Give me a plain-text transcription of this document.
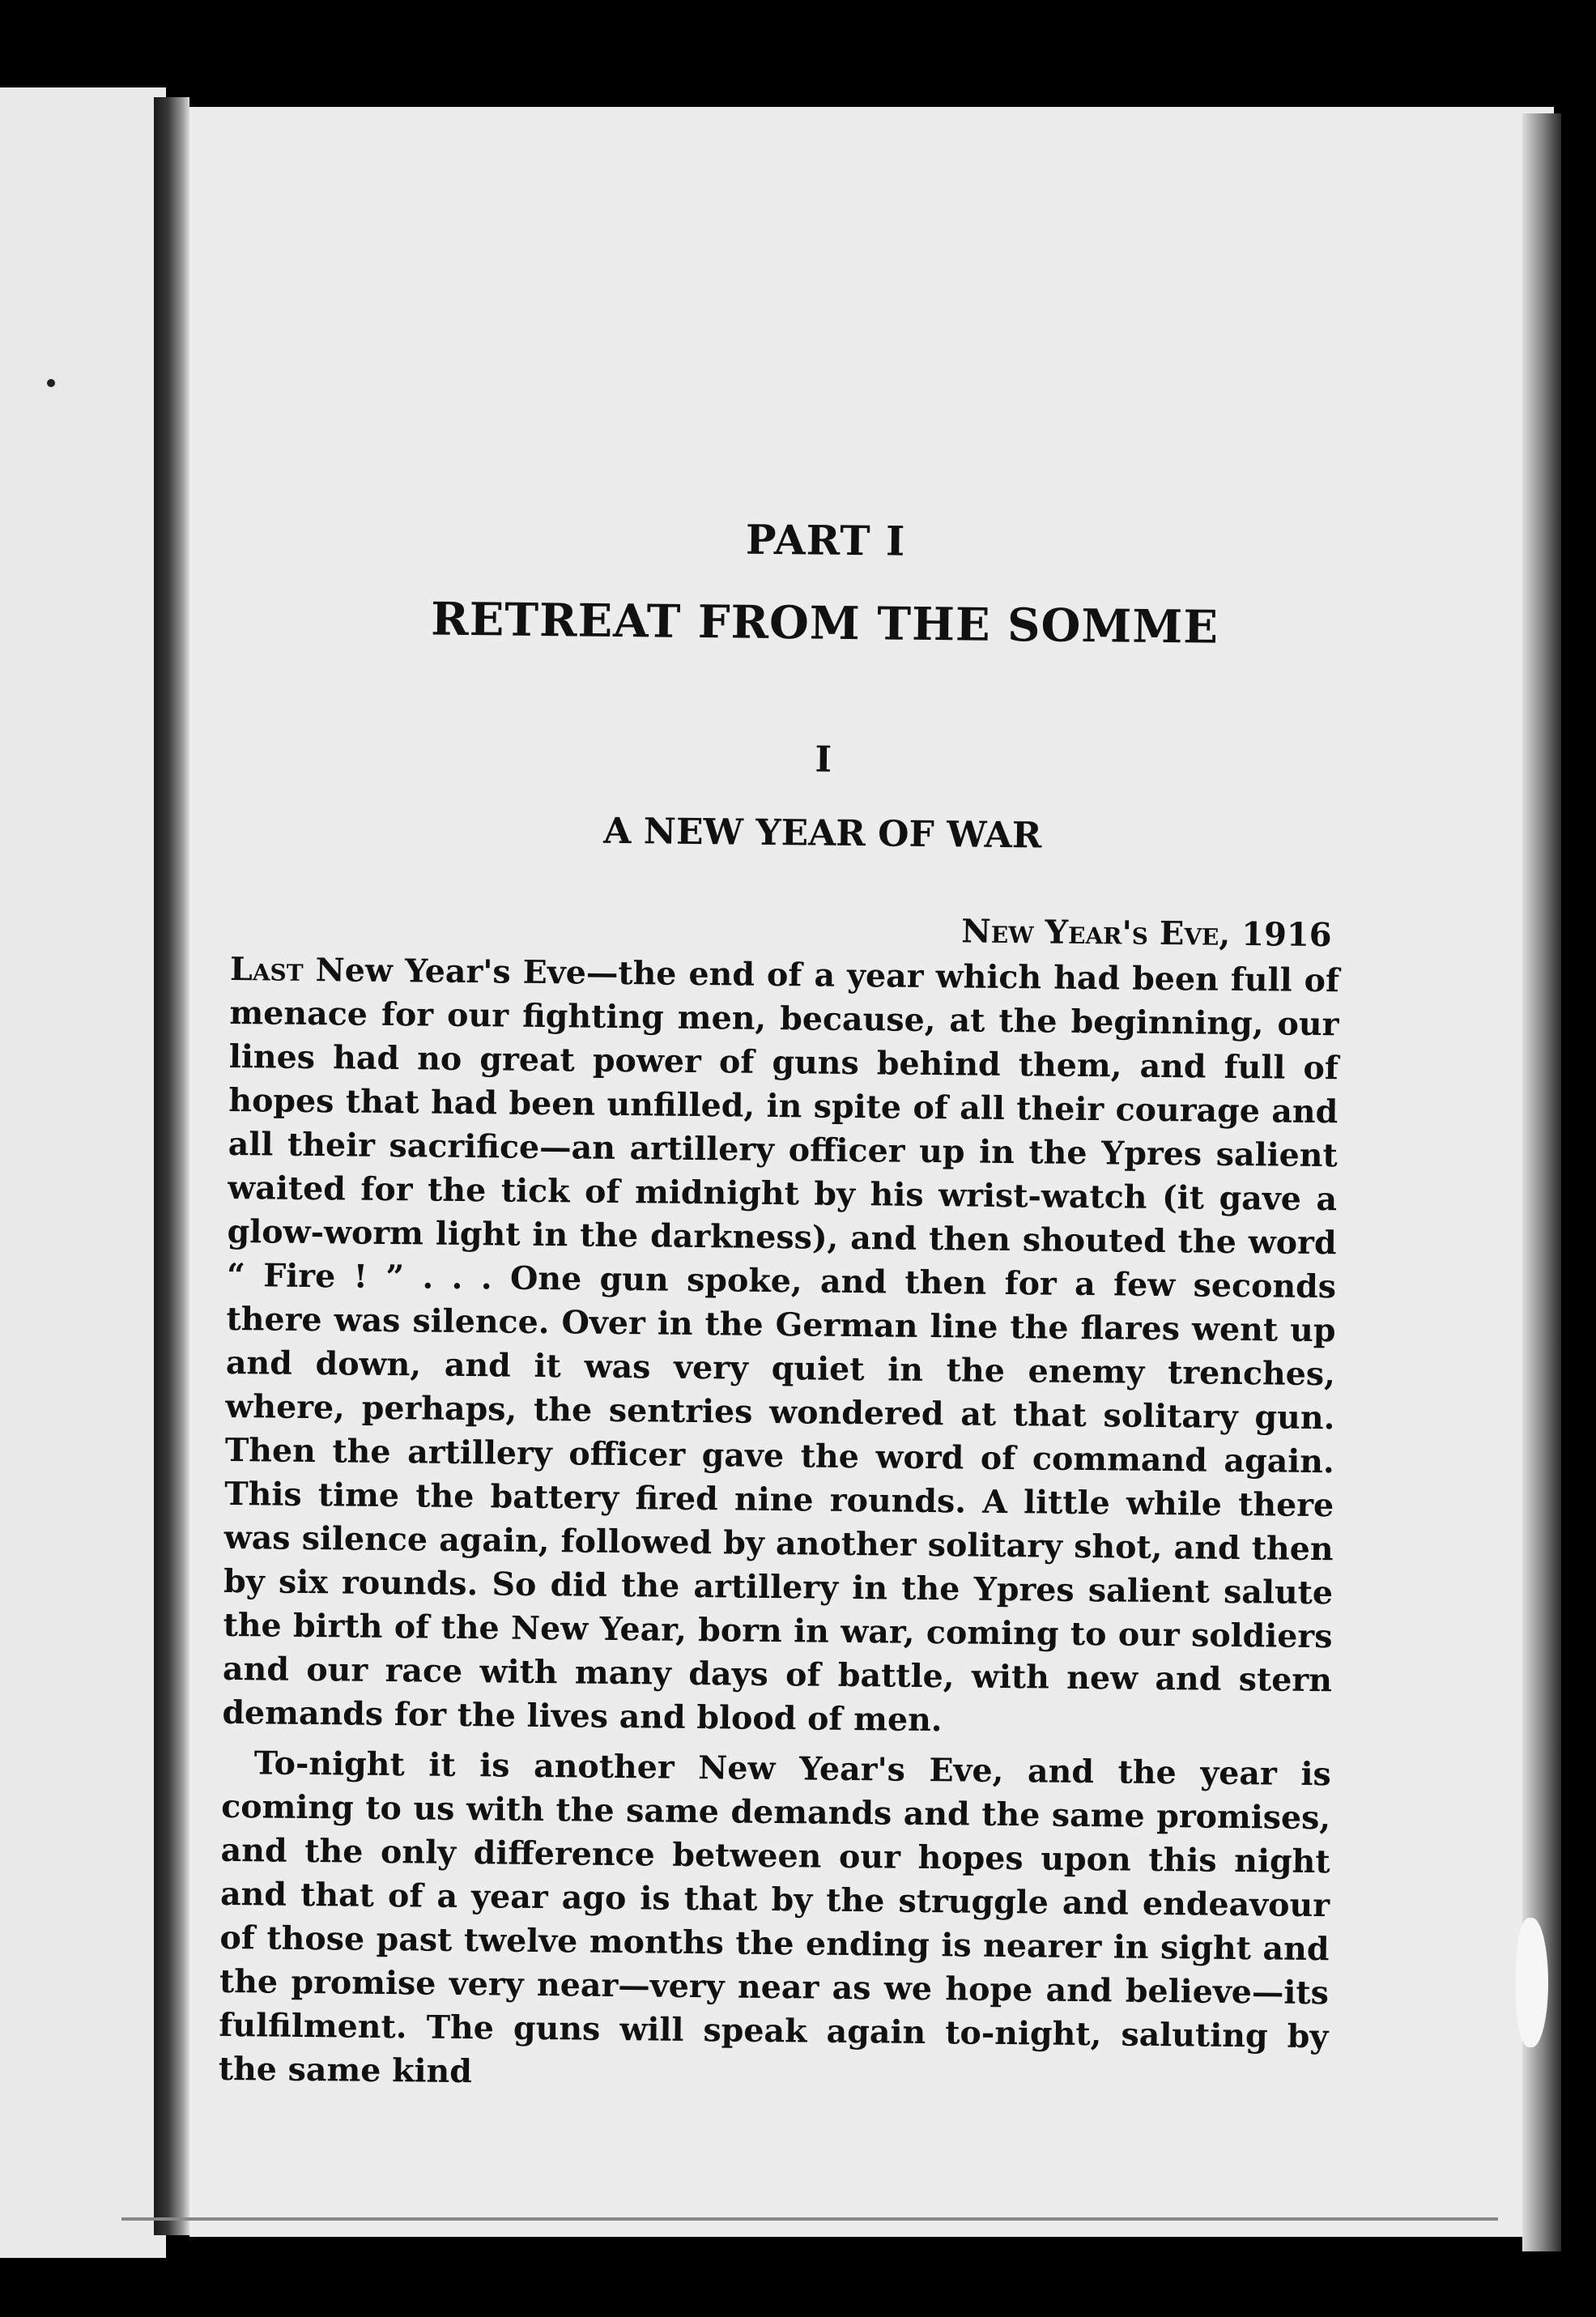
PART I
RETREAT FROM THE SOMME
I
A NEW YEAR OF WAR
New Year's Eve, 1916

Last New Year's Eve—the end of a year which had been full of menace for our fighting men, because, at the beginning, our lines had no great power of guns behind them, and full of hopes that had been unfilled, in spite of all their courage and all their sacrifice—an artillery officer up in the Ypres salient waited for the tick of midnight by his wrist-watch (it gave a glow-worm light in the darkness), and then shouted the word “ Fire ! ” . . . One gun spoke, and then for a few seconds there was silence. Over in the German line the flares went up and down, and it was very quiet in the enemy trenches, where, perhaps, the sentries wondered at that solitary gun. Then the artillery officer gave the word of command again. This time the battery fired nine rounds. A little while there was silence again, followed by another solitary shot, and then by six rounds. So did the artillery in the Ypres salient salute the birth of the New Year, born in war, coming to our soldiers and our race with many days of battle, with new and stern demands for the lives and blood of men.

To-night it is another New Year's Eve, and the year is coming to us with the same demands and the same promises, and the only difference between our hopes upon this night and that of a year ago is that by the struggle and endeavour of those past twelve months the ending is nearer in sight and the promise very near—very near as we hope and believe—its fulfilment. The guns will speak again to-night, saluting by the same kind
